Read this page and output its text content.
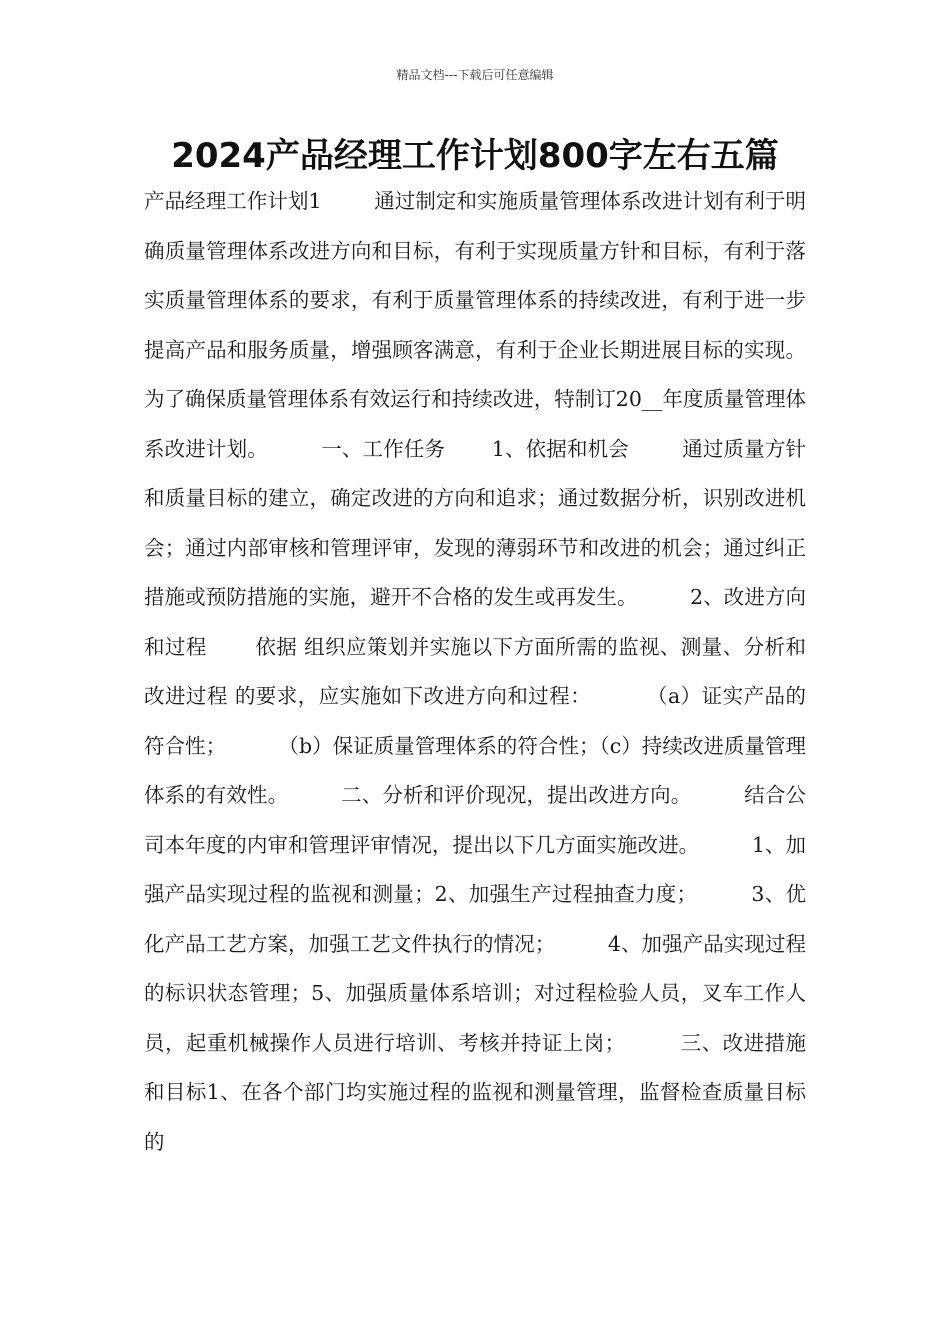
精品文档---下载后可任意编辑
2024产品经理工作计划800字左右五篇

产品经理工作计划1        通过制定和实施质量管理体系改进计划有利于明确质量管理体系改进方向和目标，有利于实现质量方针和目标，有利于落实质量管理体系的要求，有利于质量管理体系的持续改进，有利于进一步提高产品和服务质量，增强顾客满意，有利于企业长期进展目标的实现。为了确保质量管理体系有效运行和持续改进，特制订20__年度质量管理体系改进计划。        一、工作任务       1、依据和机会        通过质量方针和质量目标的建立，确定改进的方向和追求；通过数据分析，识别改进机会；通过内部审核和管理评审，发现的薄弱环节和改进的机会；通过纠正措施或预防措施的实施，避开不合格的发生或再发生。        2、改进方向和过程       依据 组织应策划并实施以下方面所需的监视、测量、分析和改进过程 的要求，应实施如下改进方向和过程：        （a）证实产品的符合性；        （b）保证质量管理体系的符合性；（c）持续改进质量管理体系的有效性。        二、分析和评价现况，提出改进方向。        结合公司本年度的内审和管理评审情况，提出以下几方面实施改进。        1、加强产品实现过程的监视和测量；2、加强生产过程抽查力度；        3、优化产品工艺方案，加强工艺文件执行的情况；        4、加强产品实现过程的标识状态管理；5、加强质量体系培训；对过程检验人员，叉车工作人员，起重机械操作人员进行培训、考核并持证上岗；        三、改进措施和目标1、在各个部门均实施过程的监视和测量管理，监督检查质量目标的
